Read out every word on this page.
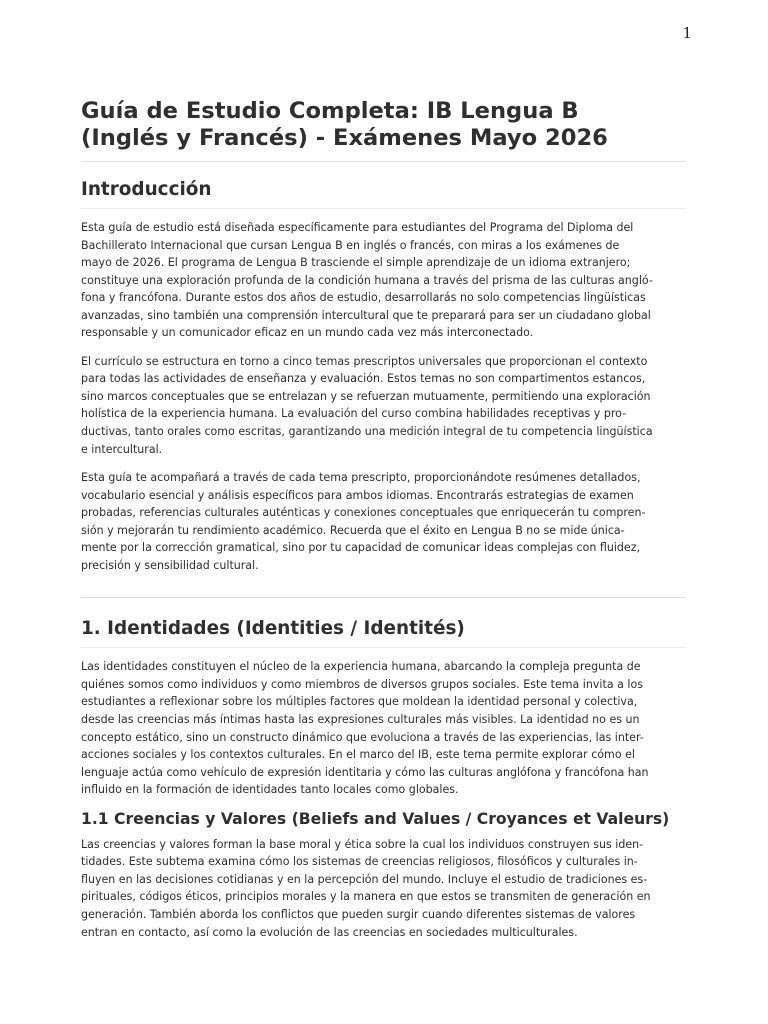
1
Guía de Estudio Completa: IB Lengua B
(Inglés y Francés) - Exámenes Mayo 2026
Introducción

Esta guía de estudio está diseñada específicamente para estudiantes del Programa del Diploma del
Bachillerato Internacional que cursan Lengua B en inglés o francés, con miras a los exámenes de
mayo de 2026. El programa de Lengua B trasciende el simple aprendizaje de un idioma extranjero;
constituye una exploración profunda de la condición humana a través del prisma de las culturas angló-
fona y francófona. Durante estos dos años de estudio, desarrollarás no solo competencias lingüísticas
avanzadas, sino también una comprensión intercultural que te preparará para ser un ciudadano global
responsable y un comunicador eficaz en un mundo cada vez más interconectado.

El currículo se estructura en torno a cinco temas prescriptos universales que proporcionan el contexto
para todas las actividades de enseñanza y evaluación. Estos temas no son compartimentos estancos,
sino marcos conceptuales que se entrelazan y se refuerzan mutuamente, permitiendo una exploración
holística de la experiencia humana. La evaluación del curso combina habilidades receptivas y pro-
ductivas, tanto orales como escritas, garantizando una medición integral de tu competencia lingüística
e intercultural.

Esta guía te acompañará a través de cada tema prescripto, proporcionándote resúmenes detallados,
vocabulario esencial y análisis específicos para ambos idiomas. Encontrarás estrategias de examen
probadas, referencias culturales auténticas y conexiones conceptuales que enriquecerán tu compren-
sión y mejorarán tu rendimiento académico. Recuerda que el éxito en Lengua B no se mide única-
mente por la corrección gramatical, sino por tu capacidad de comunicar ideas complejas con fluidez,
precisión y sensibilidad cultural.

1. Identidades (Identities / Identités)

Las identidades constituyen el núcleo de la experiencia humana, abarcando la compleja pregunta de
quiénes somos como individuos y como miembros de diversos grupos sociales. Este tema invita a los
estudiantes a reflexionar sobre los múltiples factores que moldean la identidad personal y colectiva,
desde las creencias más íntimas hasta las expresiones culturales más visibles. La identidad no es un
concepto estático, sino un constructo dinámico que evoluciona a través de las experiencias, las inter-
acciones sociales y los contextos culturales. En el marco del IB, este tema permite explorar cómo el
lenguaje actúa como vehículo de expresión identitaria y cómo las culturas anglófona y francófona han
influido en la formación de identidades tanto locales como globales.

1.1 Creencias y Valores (Beliefs and Values / Croyances et Valeurs)

Las creencias y valores forman la base moral y ética sobre la cual los individuos construyen sus iden-
tidades. Este subtema examina cómo los sistemas de creencias religiosos, filosóficos y culturales in-
fluyen en las decisiones cotidianas y en la percepción del mundo. Incluye el estudio de tradiciones es-
pirituales, códigos éticos, principios morales y la manera en que estos se transmiten de generación en
generación. También aborda los conflictos que pueden surgir cuando diferentes sistemas de valores
entran en contacto, así como la evolución de las creencias en sociedades multiculturales.
